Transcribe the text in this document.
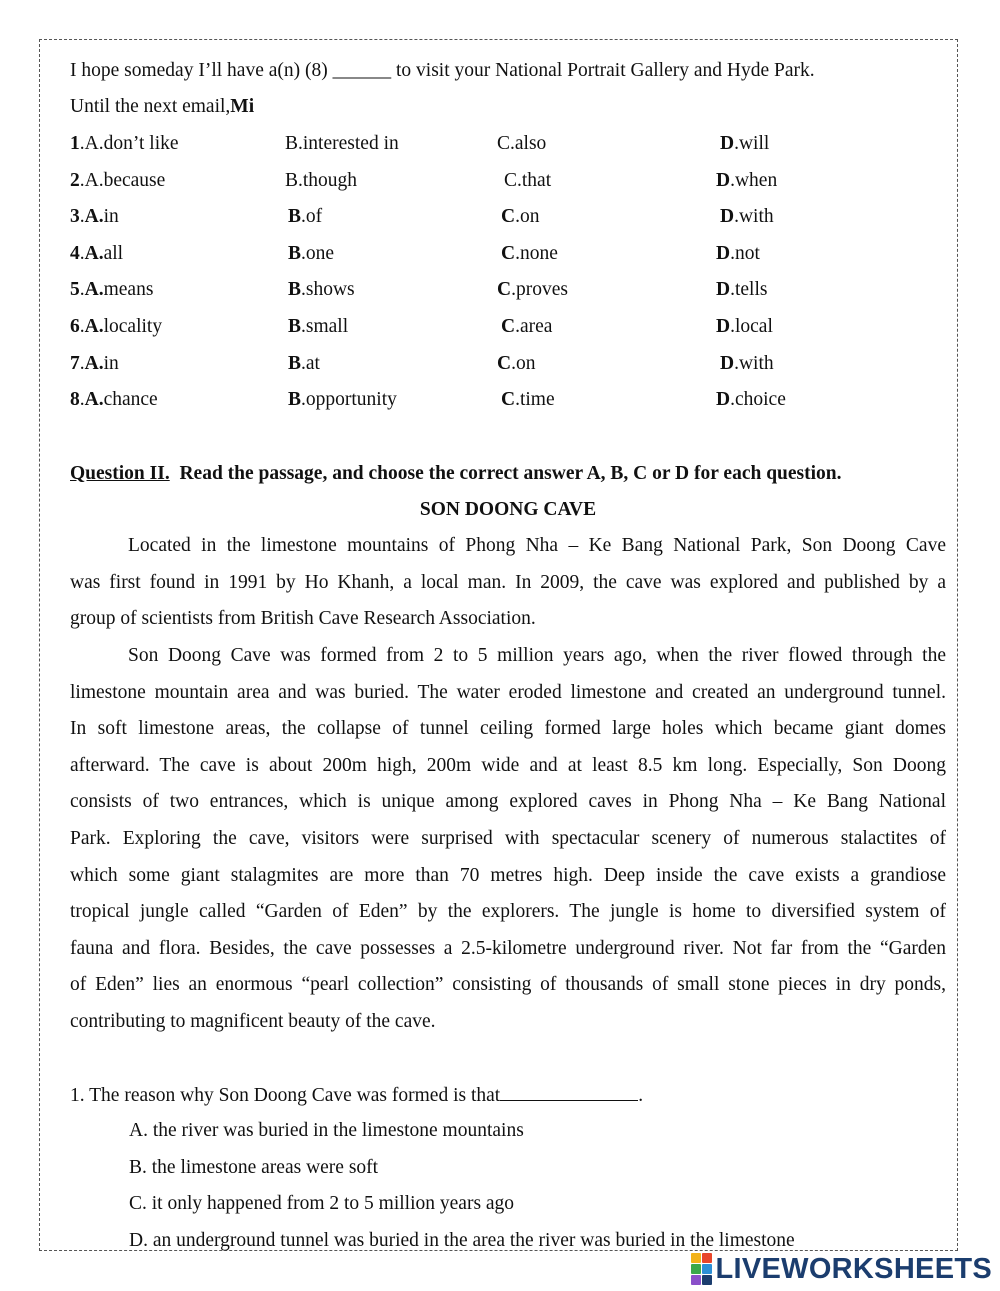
I hope someday I’ll have a(n) (8) ______ to visit your National Portrait Gallery and Hyde Park.
Until the next email,Mi
1.A.don’t like	B.interested in	C.also	D.will
2.A.because	B.though	C.that	D.when
3.A.in	B.of	C.on	D.with
4.A.all	B.one	C.none	D.not
5.A.means	B.shows	C.proves	D.tells
6.A.locality	B.small	C.area	D.local
7.A.in	B.at	C.on	D.with
8.A.chance	B.opportunity	C.time	D.choice
Question II. Read the passage, and choose the correct answer A, B, C or D for each question.
SON DOONG CAVE
Located in the limestone mountains of Phong Nha – Ke Bang National Park, Son Doong Cave
was first found in 1991 by Ho Khanh, a local man. In 2009, the cave was explored and published by a
group of scientists from British Cave Research Association.
Son Doong Cave was formed from 2 to 5 million years ago, when the river flowed through the
limestone mountain area and was buried. The water eroded limestone and created an underground tunnel.
In soft limestone areas, the collapse of tunnel ceiling formed large holes which became giant domes
afterward. The cave is about 200m high, 200m wide and at least 8.5 km long. Especially, Son Doong
consists of two entrances, which is unique among explored caves in Phong Nha – Ke Bang National
Park. Exploring the cave, visitors were surprised with spectacular scenery of numerous stalactites of
which some giant stalagmites are more than 70 metres high. Deep inside the cave exists a grandiose
tropical jungle called “Garden of Eden” by the explorers. The jungle is home to diversified system of
fauna and flora. Besides, the cave possesses a 2.5-kilometre underground river. Not far from the “Garden
of Eden” lies an enormous “pearl collection” consisting of thousands of small stone pieces in dry ponds,
contributing to magnificent beauty of the cave.
1. The reason why Son Doong Cave was formed is that	.
A. the river was buried in the limestone mountains
B. the limestone areas were soft
C. it only happened from 2 to 5 million years ago
D. an underground tunnel was buried in the area the river was buried in the limestone
LIVEWORKSHEETS
